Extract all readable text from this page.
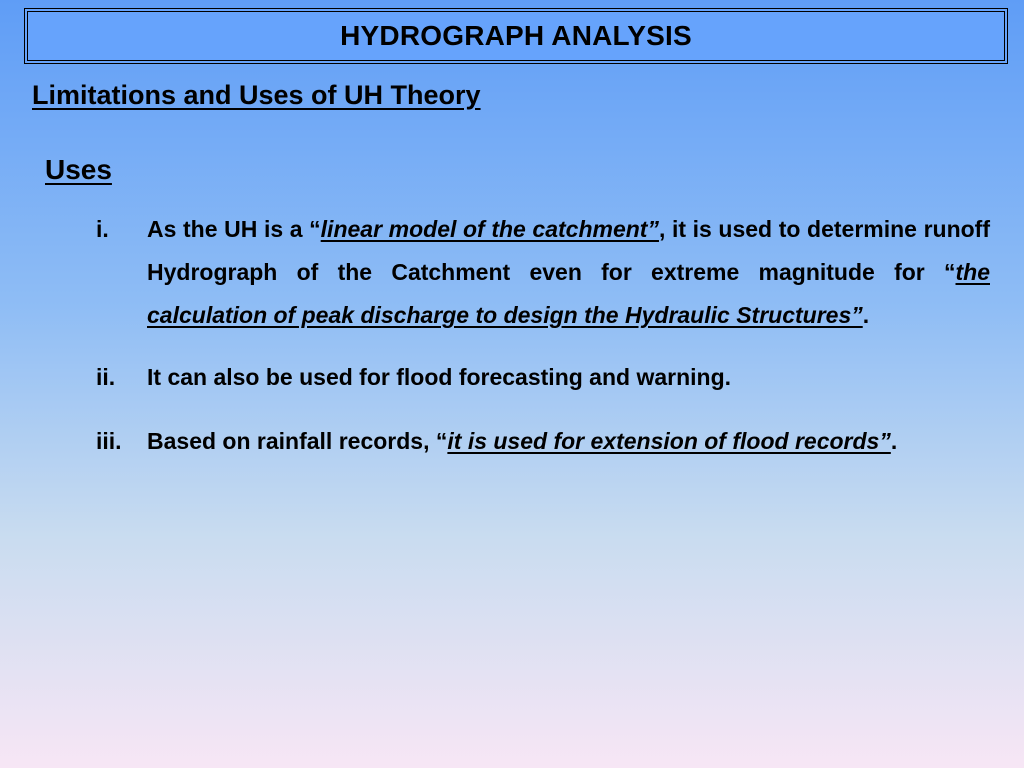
HYDROGRAPH ANALYSIS
Limitations and Uses of UH Theory
Uses
i.	As the UH is a “linear model of the catchment”, it is used to determine runoff Hydrograph of the Catchment even for extreme magnitude for “the calculation of peak discharge to design the Hydraulic Structures”.
ii.	It can also be used for flood forecasting and warning.
iii.	Based on rainfall records, “it is used for extension of flood records”.
